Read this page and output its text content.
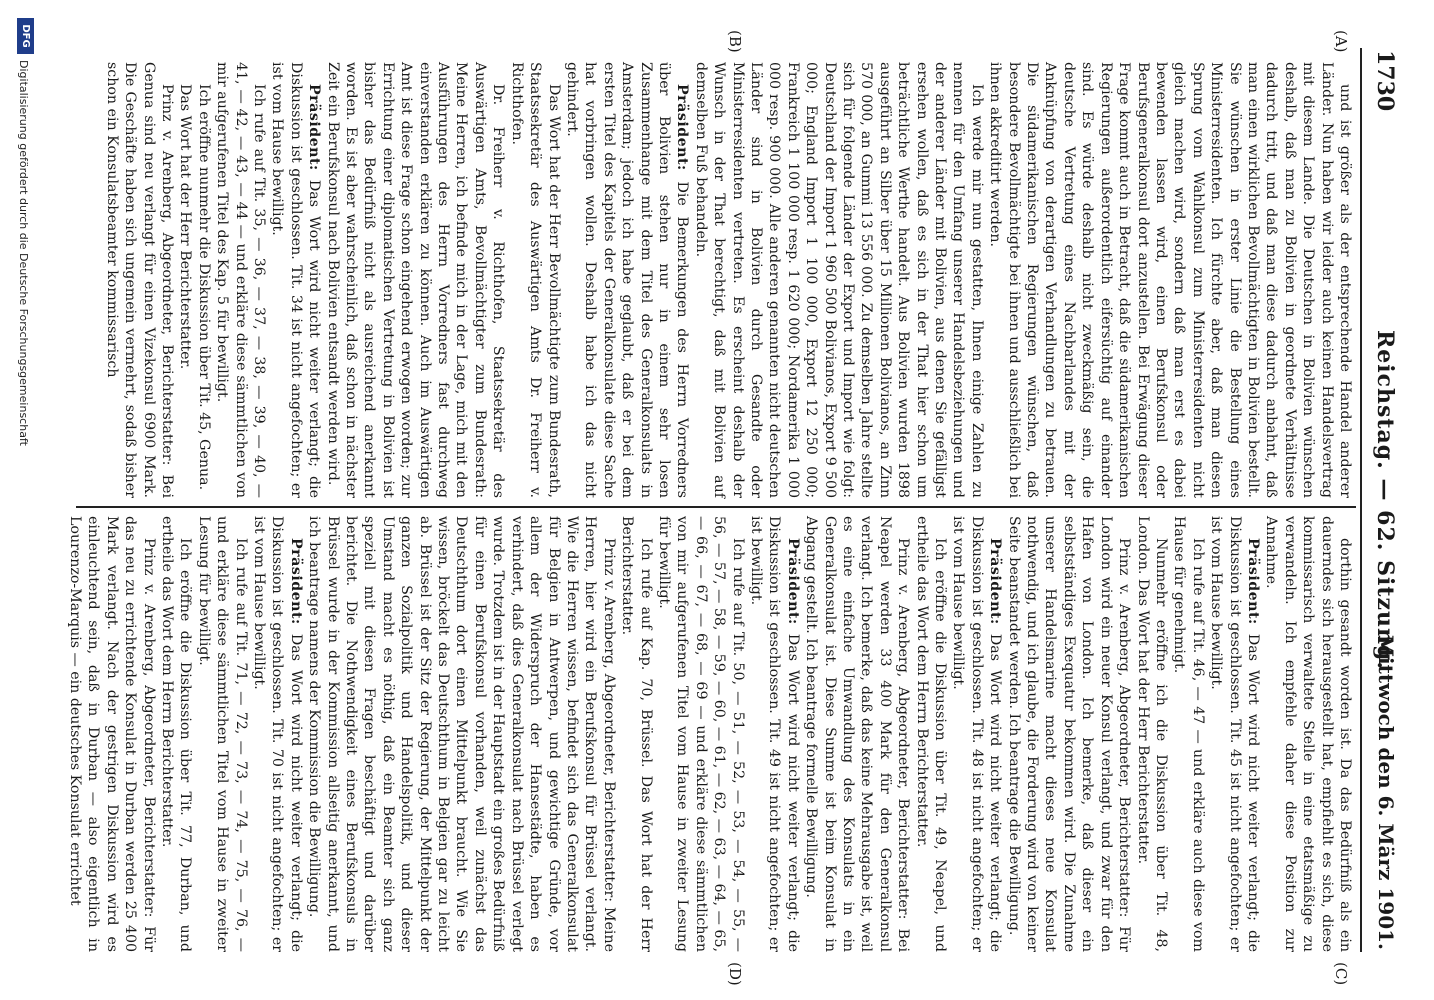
1730
Reichstag. — 62. Sitzung.
Mittwoch den 6. März 1901.
(A)
(B)
(C)
(D)

und ist größer als der entsprechende Handel anderer Länder. Nun haben wir leider auch keinen Handelsvertrag mit diesem Lande. Die Deutschen in Bolivien wünschen deshalb, daß man zu Bolivien in geordnete Verhältnisse dadurch tritt, und daß man diese dadurch anbahnt, daß man einen wirklichen Bevollmächtigten in Bolivien bestellt. Sie wünschen in erster Linie die Bestellung eines Ministerresidenten. Ich fürchte aber, daß man diesen Sprung vom Wahlkonsul zum Ministerresidenten nicht gleich machen wird, sondern daß man erst es dabei bewenden lassen wird, einen Berufskonsul oder Berufsgeneralkonsul dort anzustellen. Bei Erwägung dieser Frage kommt auch in Betracht, daß die südamerikanischen Regierungen außerordentlich eifersüchtig auf einander sind. Es würde deshalb nicht zweckmäßig sein, die deutsche Vertretung eines Nachbarlandes mit der Anknüpfung von derartigen Verhandlungen zu betrauen. Die südamerikanischen Regierungen wünschen, daß besondere Bevollmächtigte bei ihnen und ausschließlich bei ihnen akkreditirt werden.

Ich werde mir nun gestatten, Ihnen einige Zahlen zu nennen für den Umfang unserer Handelsbeziehungen und der anderer Länder mit Bolivien, aus denen Sie gefälligst ersehen wollen, daß es sich in der That hier schon um beträchtliche Werthe handelt. Aus Bolivien wurden 1898 ausgeführt an Silber über 15 Millionen Bolivianos, an Zinn 570 000, an Gummi 13 556 000. Zu demselben Jahre stellte sich für folgende Länder der Export und Import wie folgt: Deutschland der Import 1 960 500 Bolivianos, Export 9 500 000; England Import 1 100 000, Export 12 250 000; Frankreich 1 100 000 resp. 1 620 000; Nordamerika 1 000 000 resp. 900 000. Alle anderen genannten nicht deutschen Länder sind in Bolivien durch Gesandte oder Ministerresidenten vertreten. Es erscheint deshalb der Wunsch in der That berechtigt, daß mit Bolivien auf demselben Fuß behandeln.

Präsident: Die Bemerkungen des Herrn Vorredners über Bolivien stehen nur in einem sehr losen Zusammenhange mit dem Titel des Generalkonsulats in Amsterdam; jedoch ich habe geglaubt, daß er bei dem ersten Titel des Kapitels der Generalkonsulate diese Sache hat vorbringen wollen. Deshalb habe ich das nicht gehindert.

Das Wort hat der Herr Bevollmächtigte zum Bundesrath, Staatssekretär des Auswärtigen Amts Dr. Freiherr v. Richthofen.

Dr. Freiherr v. Richthofen, Staatssekretär des Auswärtigen Amts, Bevollmächtigter zum Bundesrath: Meine Herren, ich befinde mich in der Lage, mich mit den Ausführungen des Herrn Vorredners fast durchweg einverstanden erklären zu können. Auch im Auswärtigen Amt ist diese Frage schon eingehend erwogen worden; zur Errichtung einer diplomatischen Vertretung in Bolivien ist bisher das Bedürfniß nicht als ausreichend anerkannt worden. Es ist aber wahrscheinlich, daß schon in nächster Zeit ein Berufskonsul nach Bolivien entsandt werden wird.

Präsident: Das Wort wird nicht weiter verlangt; die Diskussion ist geschlossen. Tit. 34 ist nicht angefochten; er ist vom Hause bewilligt.

Ich rufe auf Tit. 35, — 36, — 37, — 38, — 39, — 40, — 41, — 42, — 43, — 44 — und erkläre diese sämmtlichen von mir aufgerufenen Titel des Kap. 5 für bewilligt.

Ich eröffne nunmehr die Diskussion über Tit. 45, Genua.

Das Wort hat der Herr Berichterstatter.

Prinz v. Arenberg, Abgeordneter, Berichterstatter: Bei Genua sind neu verlangt für einen Vizekonsul 6900 Mark. Die Geschäfte haben sich ungemein vermehrt, sodaß bisher schon ein Konsulatsbeamter kommissarisch

dorthin gesandt worden ist. Da das Bedürfniß als ein dauerndes sich herausgestellt hat, empfiehlt es sich, diese kommissarisch verwaltete Stelle in eine etatsmäßige zu verwandeln. Ich empfehle daher diese Position zur Annahme.

Präsident: Das Wort wird nicht weiter verlangt; die Diskussion ist geschlossen. Tit. 45 ist nicht angefochten; er ist vom Hause bewilligt.

Ich rufe auf Tit. 46, — 47 — und erkläre auch diese vom Hause für genehmigt.

Nunmehr eröffne ich die Diskussion über Tit. 48, London. Das Wort hat der Herr Berichterstatter.

Prinz v. Arenberg, Abgeordneter, Berichterstatter: Für London wird ein neuer Konsul verlangt, und zwar für den Hafen von London. Ich bemerke, daß dieser ein selbstständiges Exequatur bekommen wird. Die Zunahme unserer Handelsmarine macht dieses neue Konsulat nothwendig, und ich glaube, die Forderung wird von keiner Seite beanstandet werden. Ich beantrage die Bewilligung.

Präsident: Das Wort wird nicht weiter verlangt; die Diskussion ist geschlossen. Tit. 48 ist nicht angefochten; er ist vom Hause bewilligt.

Ich eröffne die Diskussion über Tit. 49, Neapel, und ertheile das Wort dem Herrn Berichterstatter.

Prinz v. Arenberg, Abgeordneter, Berichterstatter: Bei Neapel werden 33 400 Mark für den Generalkonsul verlangt. Ich bemerke, daß das keine Mehrausgabe ist, weil es eine einfache Umwandlung des Konsulats in ein Generalkonsulat ist. Diese Summe ist beim Konsulat in Abgang gestellt. Ich beantrage formelle Bewilligung.

Präsident: Das Wort wird nicht weiter verlangt; die Diskussion ist geschlossen. Tit. 49 ist nicht angefochten; er ist bewilligt.

Ich rufe auf Tit. 50, — 51, — 52, — 53, — 54, — 55, — 56, — 57, — 58, — 59, — 60, — 61, — 62, — 63, — 64, — 65, — 66, — 67, — 68, — 69 — und erkläre diese sämmtlichen von mir aufgerufenen Titel vom Hause in zweiter Lesung für bewilligt.

Ich rufe auf Kap. 70, Brüssel. Das Wort hat der Herr Berichterstatter.

Prinz v. Arenberg, Abgeordneter, Berichterstatter: Meine Herren, hier wird ein Berufskonsul für Brüssel verlangt. Wie die Herren wissen, befindet sich das Generalkonsulat für Belgien in Antwerpen, und gewichtige Gründe, vor allem der Widerspruch der Hansestädte, haben es verhindert, daß dies Generalkonsulat nach Brüssel verlegt wurde. Trotzdem ist in der Hauptstadt ein großes Bedürfniß für einen Berufskonsul vorhanden, weil zunächst das Deutschthum dort einen Mittelpunkt braucht. Wie Sie wissen, bröckelt das Deutschthum in Belgien gar zu leicht ab. Brüssel ist der Sitz der Regierung, der Mittelpunkt der ganzen Sozialpolitik und Handelspolitik, und dieser Umstand macht es nöthig, daß ein Beamter sich ganz speziell mit diesen Fragen beschäftigt und darüber berichtet. Die Nothwendigkeit eines Berufskonsuls in Brüssel wurde in der Kommission allseitig anerkannt, und ich beantrage namens der Kommission die Bewilligung.

Präsident: Das Wort wird nicht weiter verlangt; die Diskussion ist geschlossen. Tit. 70 ist nicht angefochten; er ist vom Hause bewilligt.

Ich rufe auf Tit. 71, — 72, — 73, — 74, — 75, — 76, — und erkläre diese sämmtlichen Titel vom Hause in zweiter Lesung für bewilligt.

Ich eröffne die Diskussion über Tit. 77, Durban, und ertheile das Wort dem Herrn Berichterstatter.

Prinz v. Arenberg, Abgeordneter, Berichterstatter: Für das neu zu errichtende Konsulat in Durban werden 25 400 Mark verlangt. Nach der gestrigen Diskussion wird es einleuchtend sein, daß in Durban — also eigentlich in Lourenzo-Marquis — ein deutsches Konsulat errichtet

DFG
Digitalisierung gefördert durch die Deutsche Forschungsgemeinschaft
